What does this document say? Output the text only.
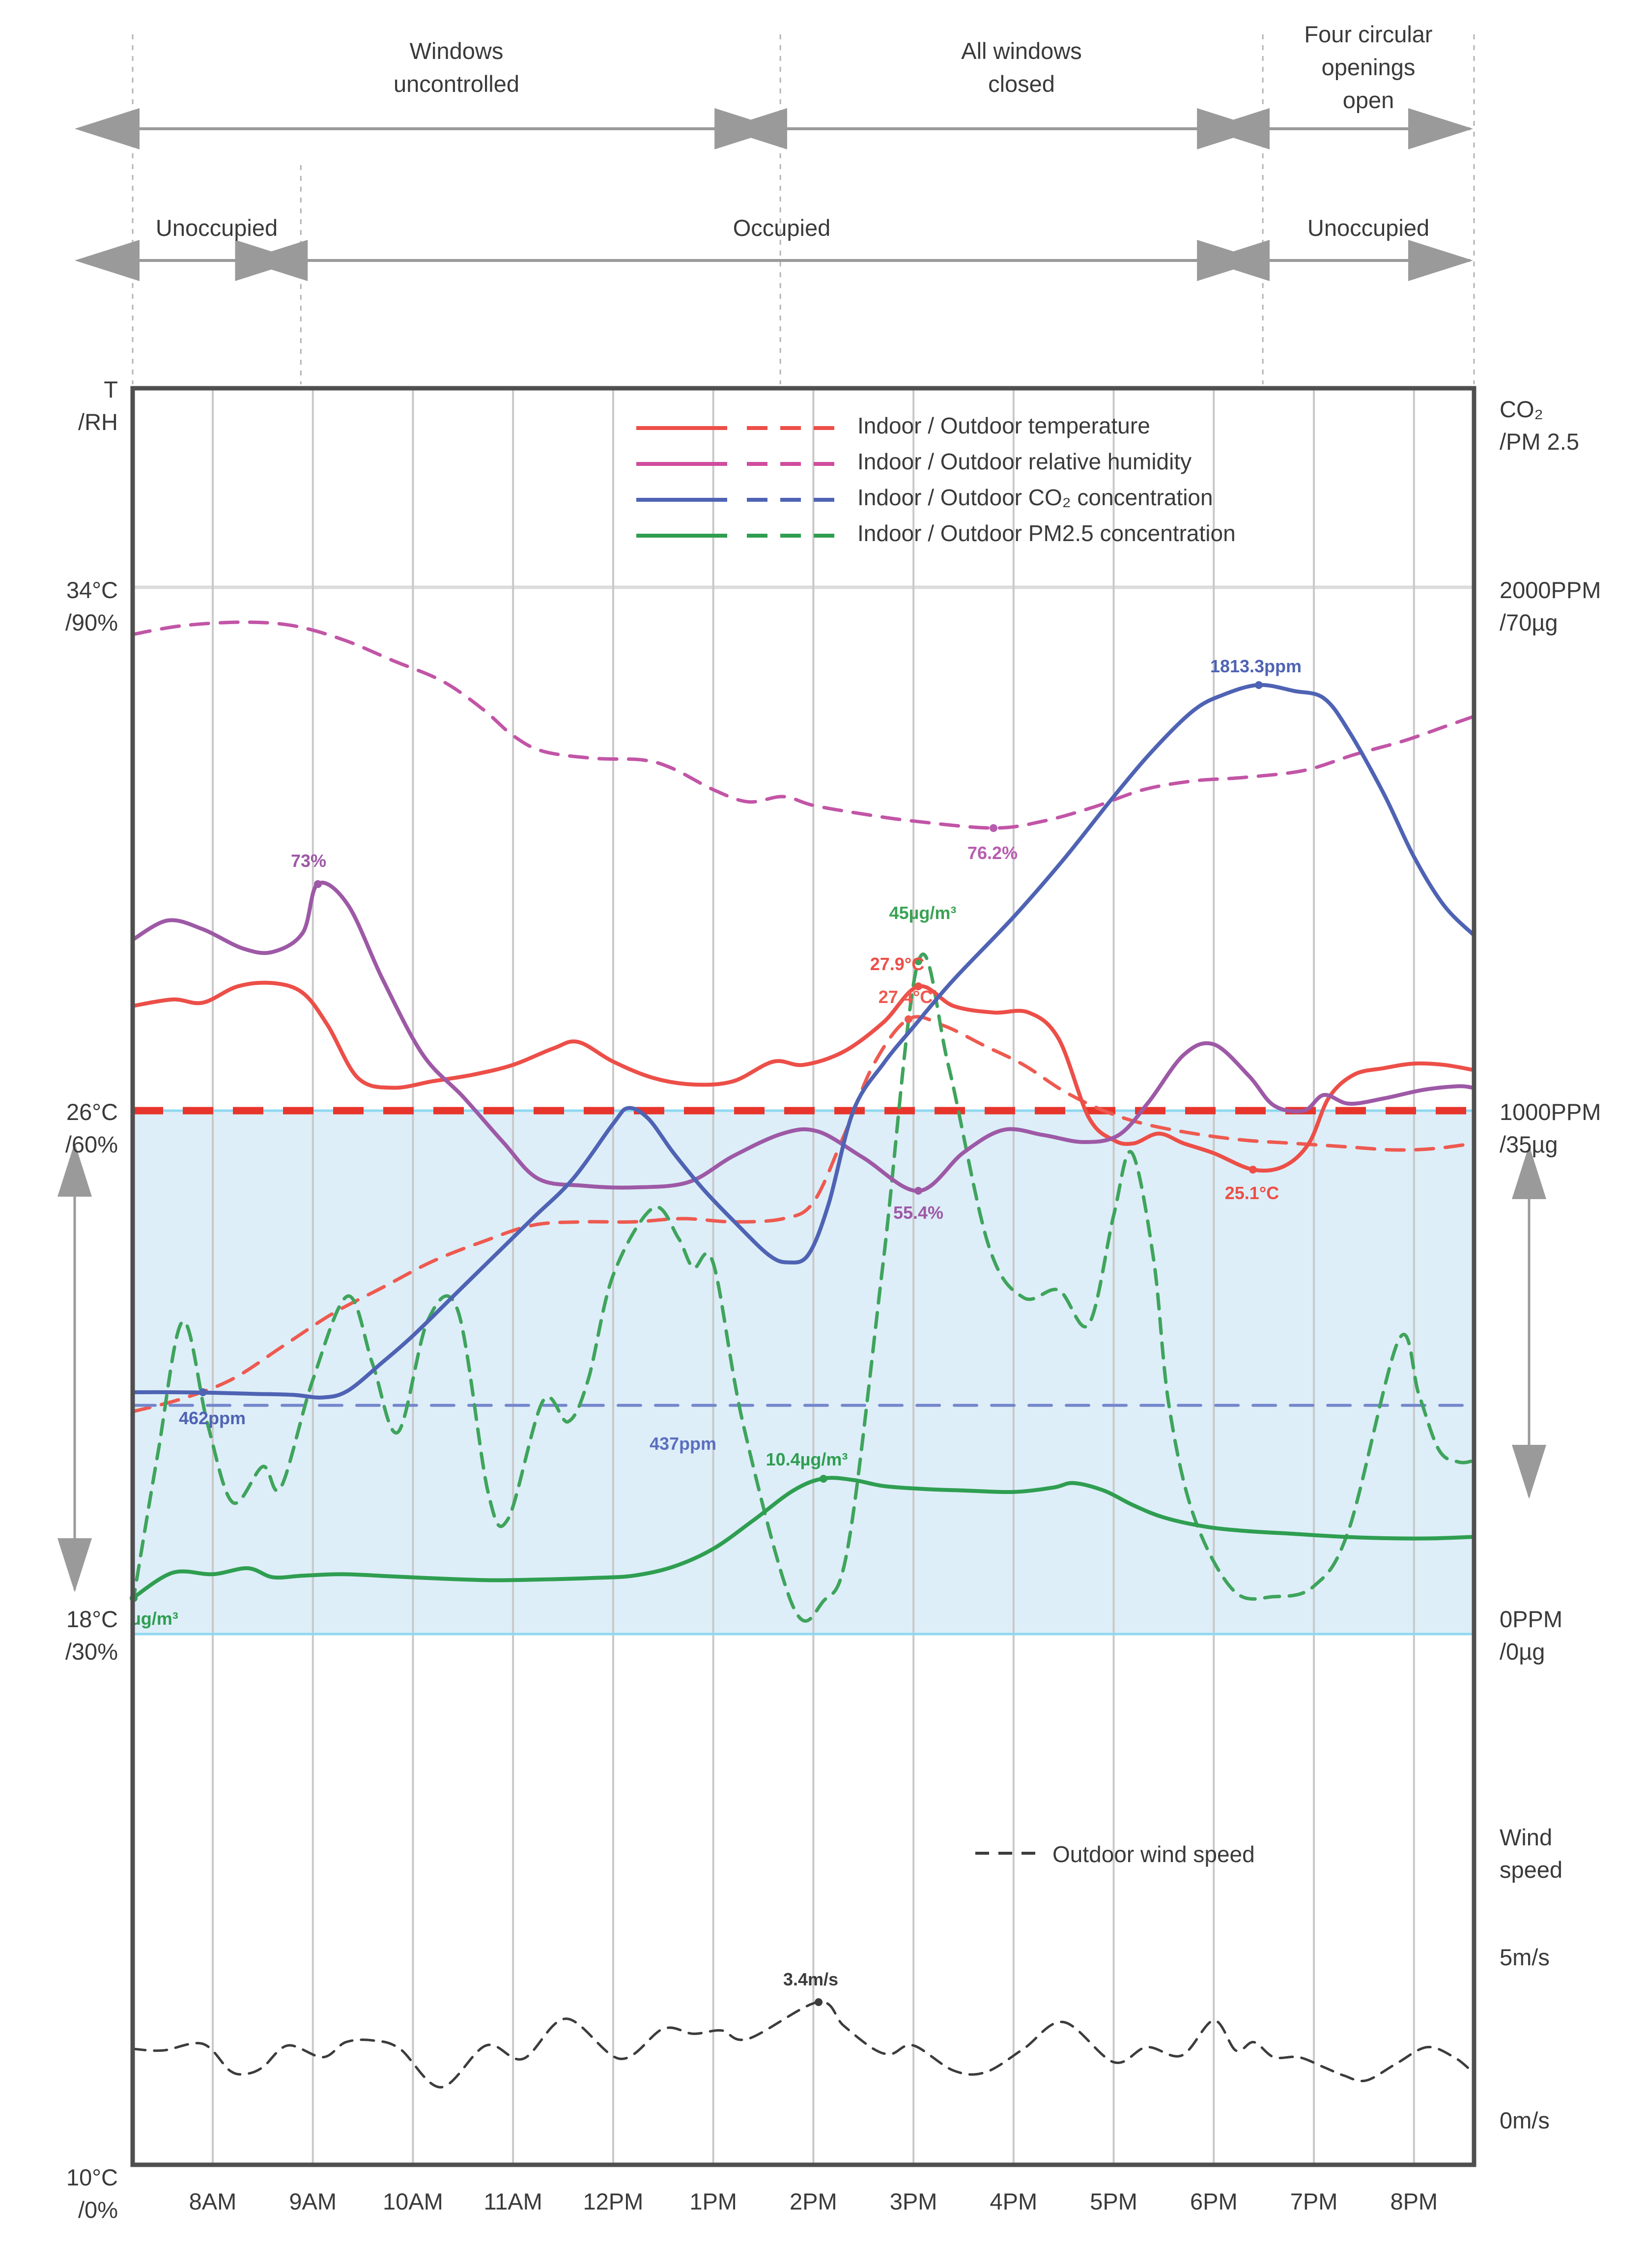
73%	76.2%
45µg/m³
27.9°C
27.4°C
55.4%
1813.3ppm
462ppm
437ppm
10.4µg/m³
25.1°C
3.4m/s
µg/m³
8AM 9AM 10AM 11AM 12PM 1PM 2PM 3PM 4PM 5PM 6PM 7PM 8PM
Windows
uncontrolled
All windows
closed
Four circular
openings
open
Unoccupied	Occupied	Unoccupied
T
/RH
34°C
/90%
26°C
/60%
18°C
/30%
10°C
/0%
CO₂
/PM 2.5
2000PPM
/70µg
1000PPM
/35µg
0PPM
/0µg
Wind
speed
5m/s
0m/s
Indoor / Outdoor temperature
Indoor / Outdoor relative humidity
Indoor / Outdoor CO₂ concentration
Indoor / Outdoor PM2.5 concentration
Outdoor wind speed
